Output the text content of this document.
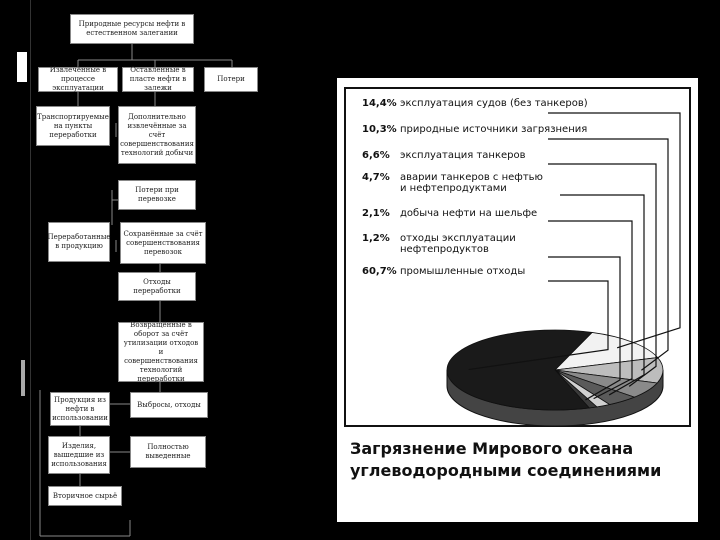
Природные ресурсы нефти в естественном залегании
Извлечённые в процессе эксплуатации
Оставленные в пласте нефти в залежи
Потери
Транспортируемые на пункты переработки
Дополнительно извлечённые за счёт совершенствования технологий добычи
Потери при перевозке
Переработанные в продукцию
Сохранённые за счёт совершенствования перевозок
Отходы переработки
Возвращённые в оборот за счёт утилизации отходов и совершенствования технологий переработки
Продукция из нефти в использовании
Выбросы, отходы
Изделия, вышедшие из использования
Полностью выведенные
Вторичное сырьё
14,4% эксплуатация судов (без танкеров)
10,3% природные источники загрязнения
6,6% эксплуатация танкеров
4,7% аварии танкеров с нефтью
и нефтепродуктами
2,1% добыча нефти на шельфе
1,2% отходы эксплуатации
нефтепродуктов
60,7% промышленные отходы
Загрязнение Мирового океана углеводородными соединениями
